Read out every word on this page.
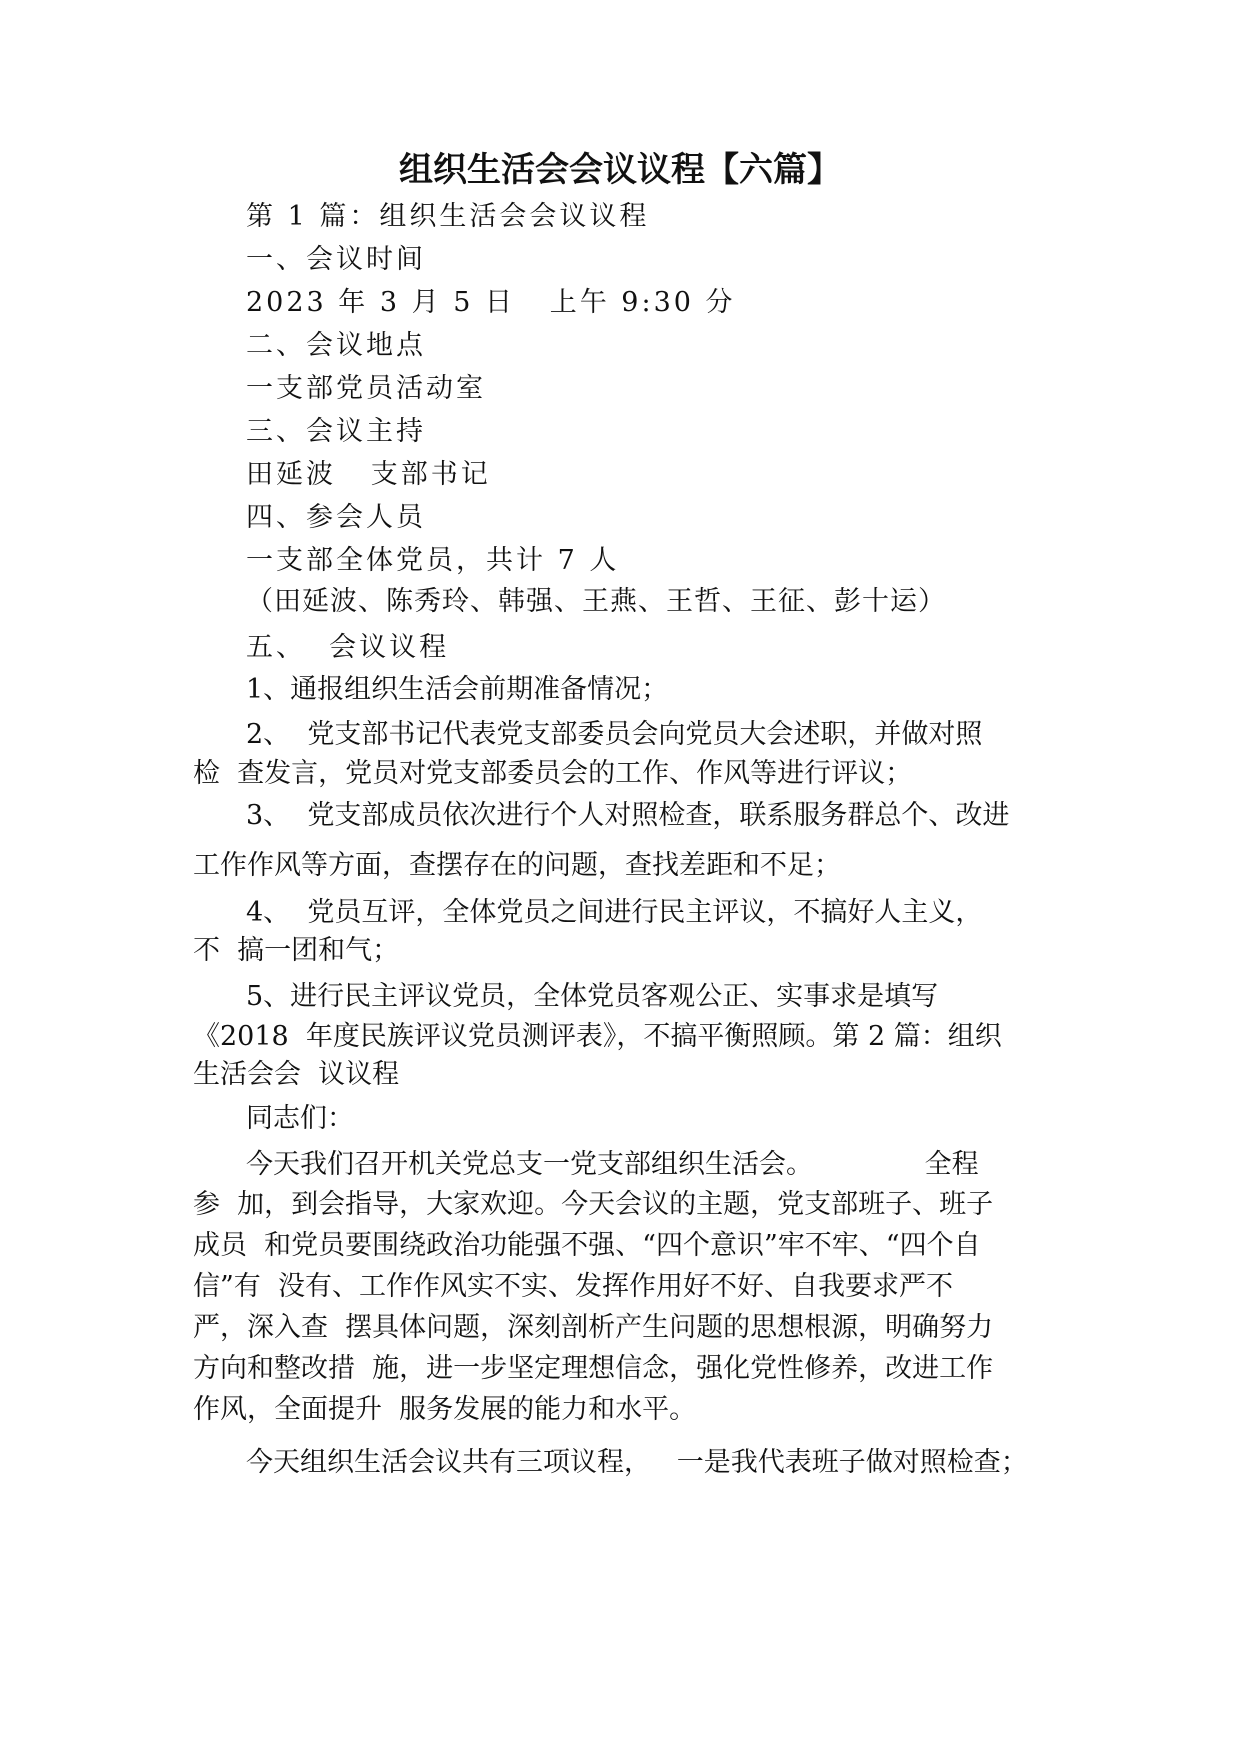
组织生活会会议议程【六篇】
第 1 篇：组织生活会会议议程
一、会议时间
2023 年 3 月 5 日   上午 9:30 分
二、会议地点
一支部党员活动室
三、会议主持
田延波   支部书记
四、参会人员
一支部全体党员，共计 7 人
（田延波、陈秀玲、韩强、王燕、王哲、王征、彭十运）
五、  会议议程
1、通报组织生活会前期准备情况；
2、  党支部书记代表党支部委员会向党员大会述职，并做对照
检  查发言，党员对党支部委员会的工作、作风等进行评议；
3、  党支部成员依次进行个人对照检查，联系服务群总个、改进
工作作风等方面，查摆存在的问题，查找差距和不足；
4、  党员互评，全体党员之间进行民主评议，不搞好人主义，
不  搞一团和气；
5、进行民主评议党员，全体党员客观公正、实事求是填写
《2018  年度民族评议党员测评表》，不搞平衡照顾。第 2 篇：组织
生活会会  议议程
同志们：
今天我们召开机关党总支一党支部组织生活会。             全程
参  加，到会指导，大家欢迎。今天会议的主题，党支部班子、班子
成员  和党员要围绕政治功能强不强、“四个意识”牢不牢、“四个自
信”有  没有、工作作风实不实、发挥作用好不好、自我要求严不
严，深入查  摆具体问题，深刻剖析产生问题的思想根源，明确努力
方向和整改措  施，进一步坚定理想信念，强化党性修养，改进工作
作风，全面提升  服务发展的能力和水平。
今天组织生活会议共有三项议程，   一是我代表班子做对照检查；
